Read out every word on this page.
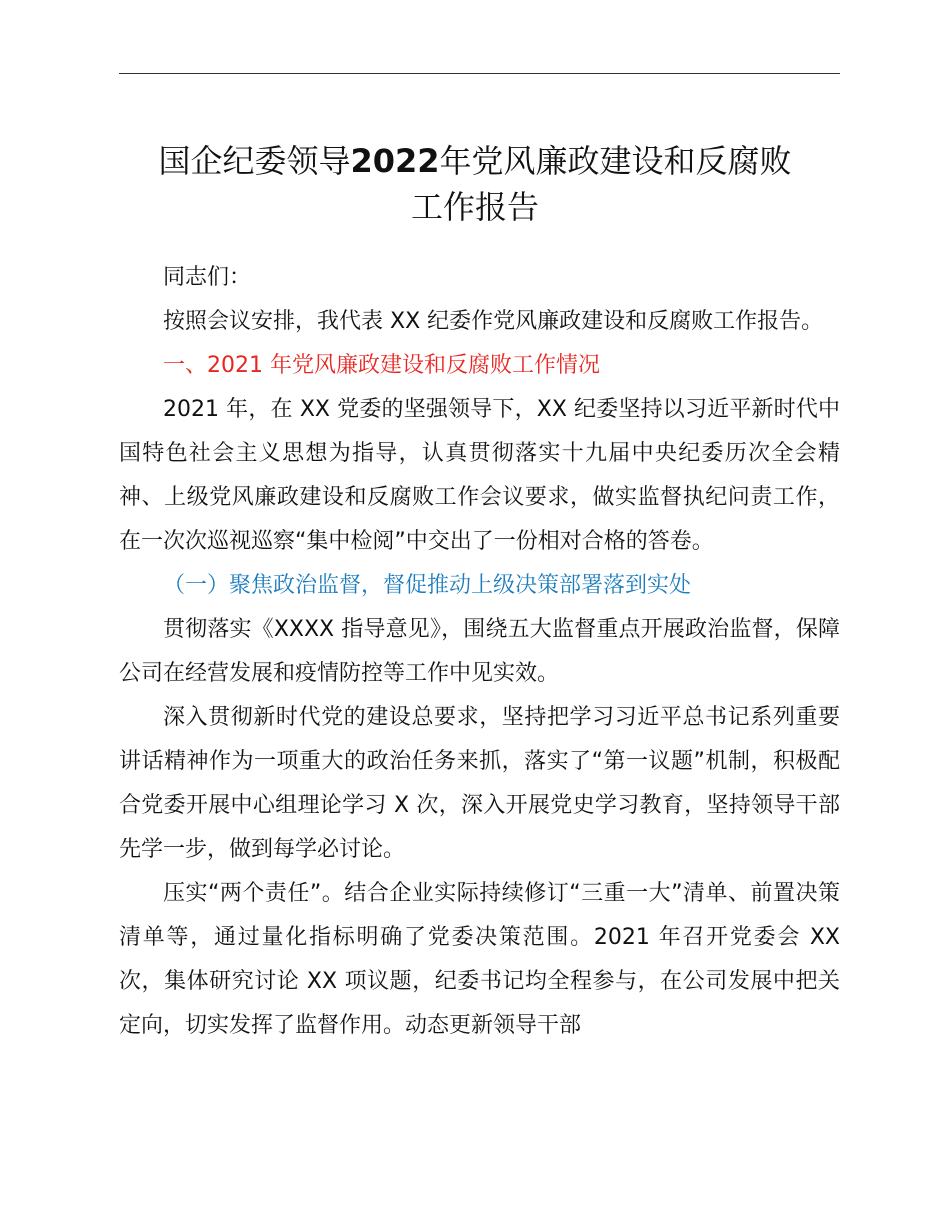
国企纪委领导2022年党风廉政建设和反腐败
工作报告

同志们：

按照会议安排，我代表 XX 纪委作党风廉政建设和反腐败工作报告。

一、2021 年党风廉政建设和反腐败工作情况

2021 年，在 XX 党委的坚强领导下，XX 纪委坚持以习近平新时代中国特色社会主义思想为指导，认真贯彻落实十九届中央纪委历次全会精神、上级党风廉政建设和反腐败工作会议要求，做实监督执纪问责工作，在一次次巡视巡察“集中检阅”中交出了一份相对合格的答卷。

（一）聚焦政治监督，督促推动上级决策部署落到实处

贯彻落实《XXXX 指导意见》，围绕五大监督重点开展政治监督，保障公司在经营发展和疫情防控等工作中见实效。

深入贯彻新时代党的建设总要求，坚持把学习习近平总书记系列重要讲话精神作为一项重大的政治任务来抓，落实了“第一议题”机制，积极配合党委开展中心组理论学习 X 次，深入开展党史学习教育，坚持领导干部先学一步，做到每学必讨论。

压实“两个责任”。结合企业实际持续修订“三重一大”清单、前置决策清单等，通过量化指标明确了党委决策范围。2021 年召开党委会 XX 次，集体研究讨论 XX 项议题，纪委书记均全程参与，在公司发展中把关定向，切实发挥了监督作用。动态更新领导干部
